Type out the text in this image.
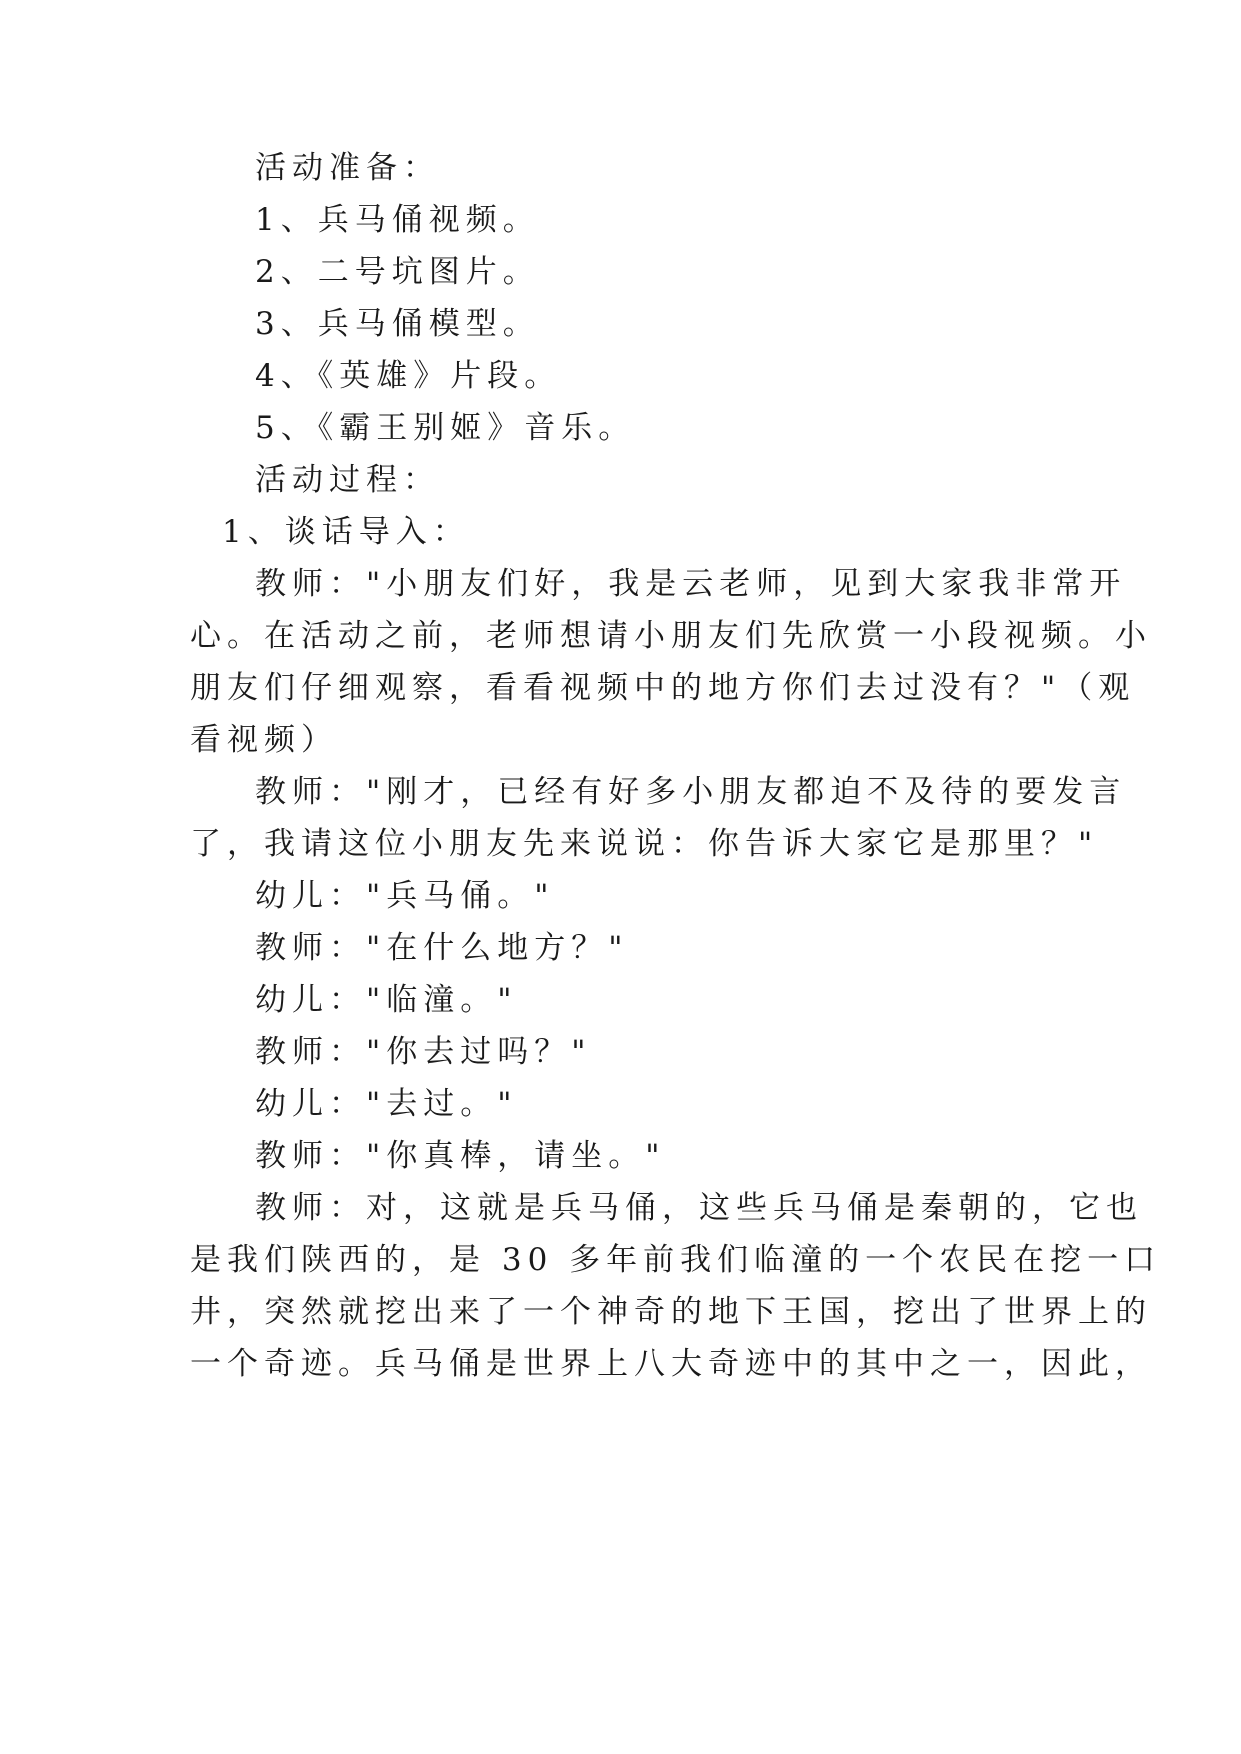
活动准备：
1、兵马俑视频。
2、二号坑图片。
3、兵马俑模型。
4、《英雄》片段。
5、《霸王别姬》音乐。
活动过程：
1、谈话导入：
教师："小朋友们好，我是云老师，见到大家我非常开
心。在活动之前，老师想请小朋友们先欣赏一小段视频。小
朋友们仔细观察，看看视频中的地方你们去过没有？"（观
看视频）
教师："刚才，已经有好多小朋友都迫不及待的要发言
了，我请这位小朋友先来说说：你告诉大家它是那里？"
幼儿："兵马俑。"
教师："在什么地方？"
幼儿："临潼。"
教师："你去过吗？"
幼儿："去过。"
教师："你真棒，请坐。"
教师：对，这就是兵马俑，这些兵马俑是秦朝的，它也
是我们陕西的，是 30 多年前我们临潼的一个农民在挖一口
井，突然就挖出来了一个神奇的地下王国，挖出了世界上的
一个奇迹。兵马俑是世界上八大奇迹中的其中之一，因此，
